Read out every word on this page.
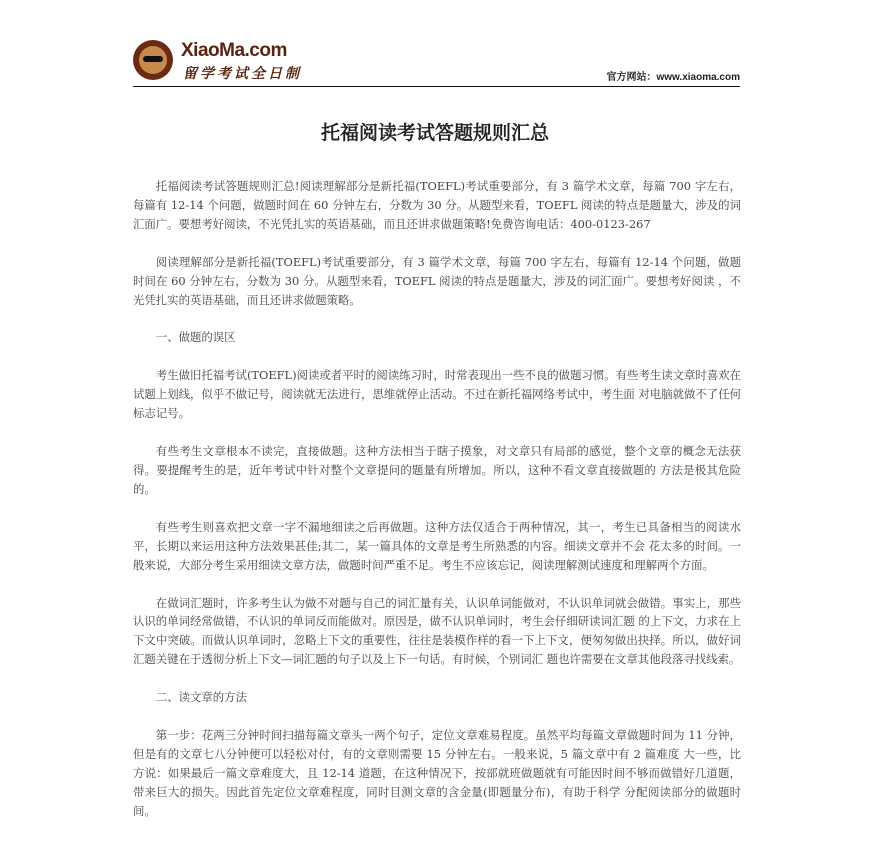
XiaoMa.com
留学考试全日制	官方网站：www.xiaoma.com
托福阅读考试答题规则汇总

托福阅读考试答题规则汇总!阅读理解部分是新托福(TOEFL)考试重要部分，有 3 篇学术文章，每篇 700 字左右，每篇有 12-14 个问题，做题时间在 60 分钟左右，分数为 30 分。从题型来看，TOEFL 阅读的特点是题量大，涉及的词汇面广。要想考好阅读，不光凭扎实的英语基础，而且还讲求做题策略!免费咨询电话：400-0123-267

阅读理解部分是新托福(TOEFL)考试重要部分，有 3 篇学术文章，每篇 700 字左右，每篇有 12-14 个问题，做题时间在 60 分钟左右，分数为 30 分。从题型来看，TOEFL 阅读的特点是题量大，涉及的词汇面广。要想考好阅读 ，不光凭扎实的英语基础，而且还讲求做题策略。

一、做题的误区

考生做旧托福考试(TOEFL)阅读或者平时的阅读练习时，时常表现出一些不良的做题习惯。有些考生读文章时喜欢在试题上划线，似乎不做记号，阅读就无法进行，思维就停止活动。不过在新托福网络考试中，考生面 对电脑就做不了任何标志记号。

有些考生文章根本不读完，直接做题。这种方法相当于瞎子摸象，对文章只有局部的感觉，整个文章的概念无法获得。要提醒考生的是，近年考试中针对整个文章提问的题量有所增加。所以，这种不看文章直接做题的 方法是极其危险的。

有些考生则喜欢把文章一字不漏地细读之后再做题。这种方法仅适合于两种情况，其一，考生已具备相当的阅读水平，长期以来运用这种方法效果甚佳;其二，某一篇具体的文章是考生所熟悉的内容。细读文章并不会 花太多的时间。一般来说，大部分考生采用细读文章方法，做题时间严重不足。考生不应该忘记，阅读理解测试速度和理解两个方面。

在做词汇题时，许多考生认为做不对题与自己的词汇量有关，认识单词能做对，不认识单词就会做错。事实上，那些认识的单词经常做错，不认识的单词反而能做对。原因是，做不认识单词时，考生会仔细研读词汇题 的上下文，力求在上下文中突破。而做认识单词时，忽略上下文的重要性，往往是装模作样的看一下上下文，便匆匆做出抉择。所以，做好词汇题关键在于透彻分析上下文—词汇题的句子以及上下一句话。有时候，个别词汇 题也许需要在文章其他段落寻找线索。

二、读文章的方法

第一步：花两三分钟时间扫描每篇文章头一两个句子，定位文章难易程度。虽然平均每篇文章做题时间为 11 分钟，但是有的文章七八分钟便可以轻松对付，有的文章则需要 15 分钟左右。一般来说，5 篇文章中有 2 篇难度 大一些，比方说：如果最后一篇文章难度大，且 12-14 道题，在这种情况下，按部就班做题就有可能因时间不够而做错好几道题，带来巨大的损失。因此首先定位文章难程度，同时目测文章的含金量(即题量分布)，有助于科学 分配阅读部分的做题时间。
